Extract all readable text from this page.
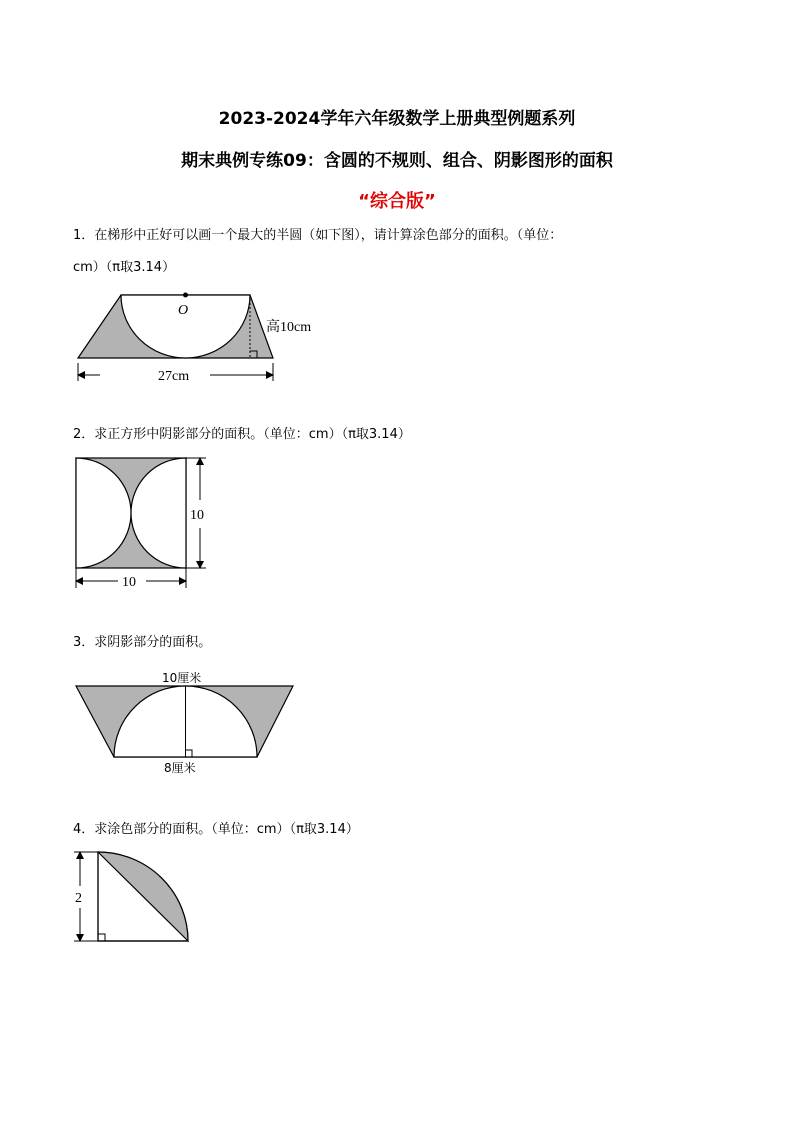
2023-2024学年六年级数学上册典型例题系列
期末典例专练09：含圆的不规则、组合、阴影图形的面积
“综合版”
1．在梯形中正好可以画一个最大的半圆（如下图），请计算涂色部分的面积。（单位：
cm）（π取3.14）
O
高10cm
27cm
2．求正方形中阴影部分的面积。（单位：cm）（π取3.14）
10
10
3．求阴影部分的面积。
10厘米
8厘米
4．求涂色部分的面积。（单位：cm）（π取3.14）
2
